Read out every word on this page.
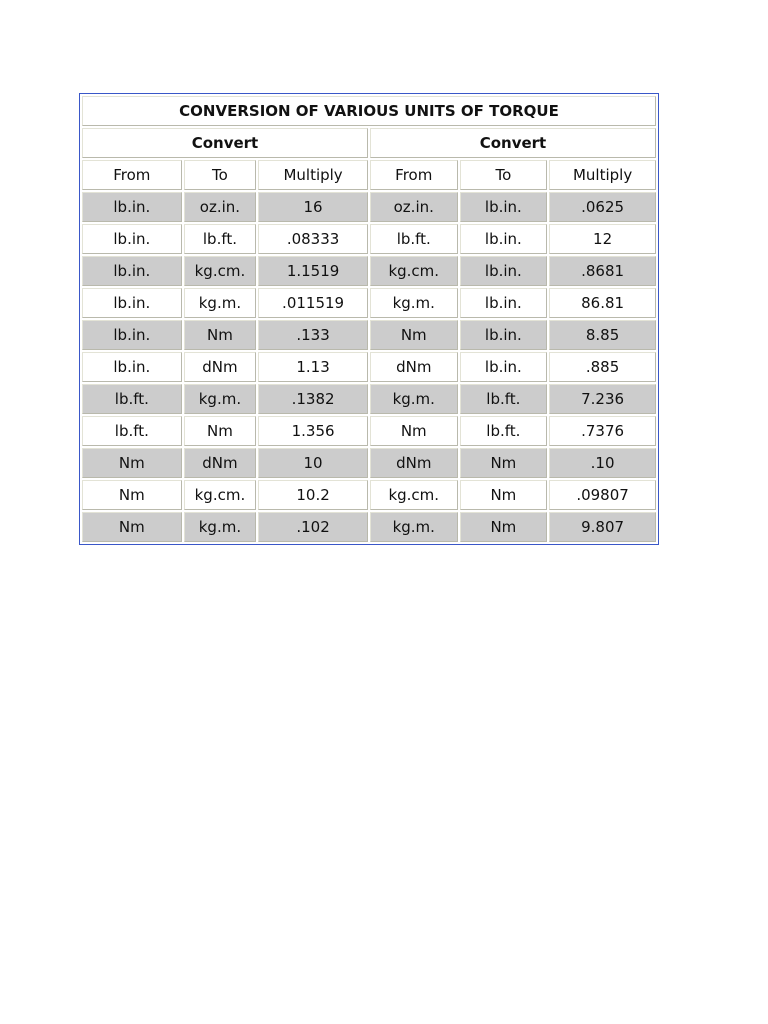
CONVERSION OF VARIOUS UNITS OF TORQUE					
Convert			Convert		
From	To	Multiply	From	To	Multiply
lb.in.	oz.in.	16	oz.in.	lb.in.	.0625
lb.in.	lb.ft.	.08333	lb.ft.	lb.in.	12
lb.in.	kg.cm.	1.1519	kg.cm.	lb.in.	.8681
lb.in.	kg.m.	.011519	kg.m.	lb.in.	86.81
lb.in.	Nm	.133	Nm	lb.in.	8.85
lb.in.	dNm	1.13	dNm	lb.in.	.885
lb.ft.	kg.m.	.1382	kg.m.	lb.ft.	7.236
lb.ft.	Nm	1.356	Nm	lb.ft.	.7376
Nm	dNm	10	dNm	Nm	.10
Nm	kg.cm.	10.2	kg.cm.	Nm	.09807
Nm	kg.m.	.102	kg.m.	Nm	9.807
